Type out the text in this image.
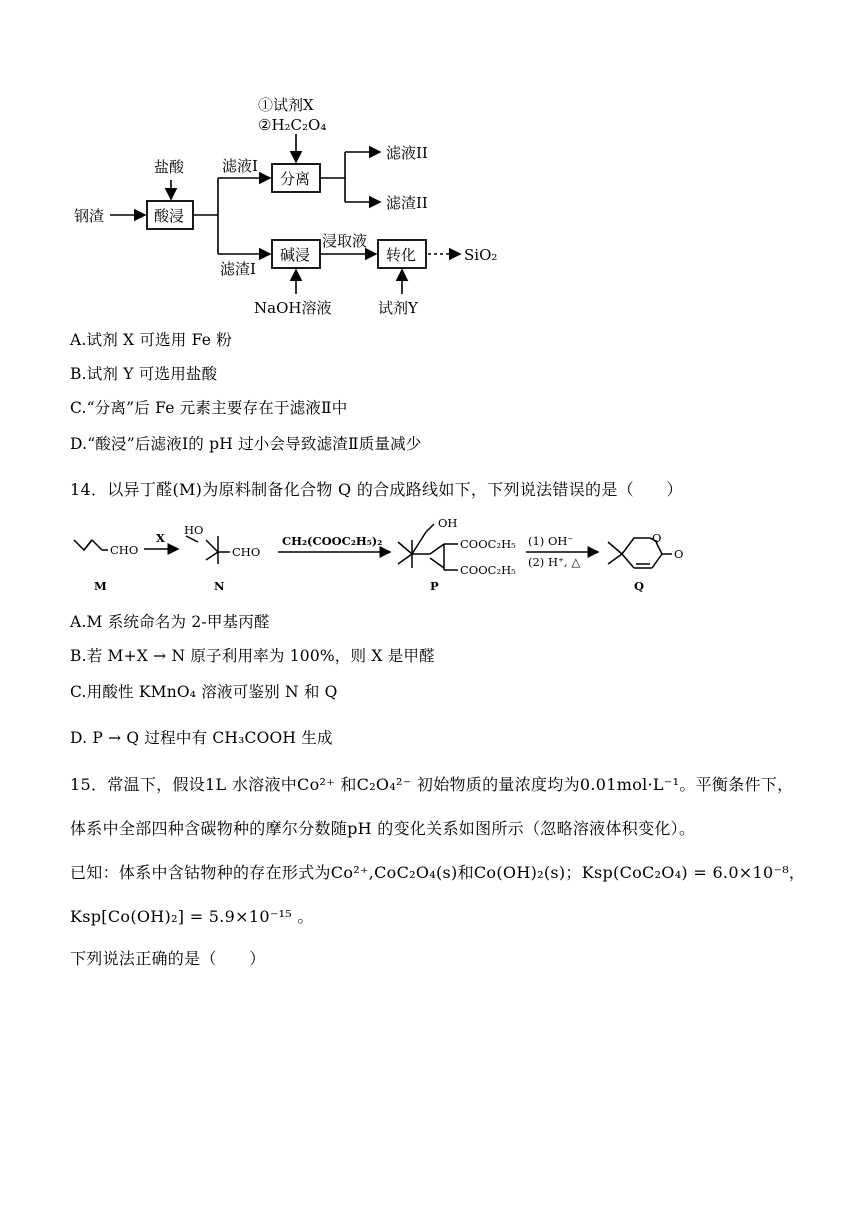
①试剂X
②H₂C₂O₄
盐酸
钢渣	酸浸
滤液I
分离
滤液II
滤渣II
滤渣I
碱浸
浸取液
转化	SiO₂
NaOH溶液	试剂Y
A.试剂 X 可选用 Fe 粉
B.试剂 Y 可选用盐酸
C.“分离”后 Fe 元素主要存在于滤液Ⅱ中
D.“酸浸”后滤液Ⅰ的 pH 过小会导致滤渣Ⅱ质量减少
14．以异丁醛(M)为原料制备化合物 Q 的合成路线如下，下列说法错误的是（　　）
CHO
M
X
HO
CHO
N
CH₂(COOC₂H₅)₂
OH
COOC₂H₅
COOC₂H₅
P
(1) OH⁻
(2) H⁺, △
O
O
Q
A.M 系统命名为 2-甲基丙醛
B.若 M+X → N 原子利用率为 100%，则 X 是甲醛
C.用酸性 KMnO₄ 溶液可鉴别 N 和 Q
D. P → Q 过程中有 CH₃COOH 生成
15．常温下，假设1L 水溶液中Co²⁺ 和C₂O₄²⁻ 初始物质的量浓度均为0.01mol·L⁻¹。平衡条件下，
体系中全部四种含碳物种的摩尔分数随pH 的变化关系如图所示（忽略溶液体积变化）。
已知：体系中含钴物种的存在形式为Co²⁺,CoC₂O₄(s)和Co(OH)₂(s)；Ksp(CoC₂O₄) = 6.0×10⁻⁸，
Ksp[Co(OH)₂] = 5.9×10⁻¹⁵ 。
下列说法正确的是（　　）
